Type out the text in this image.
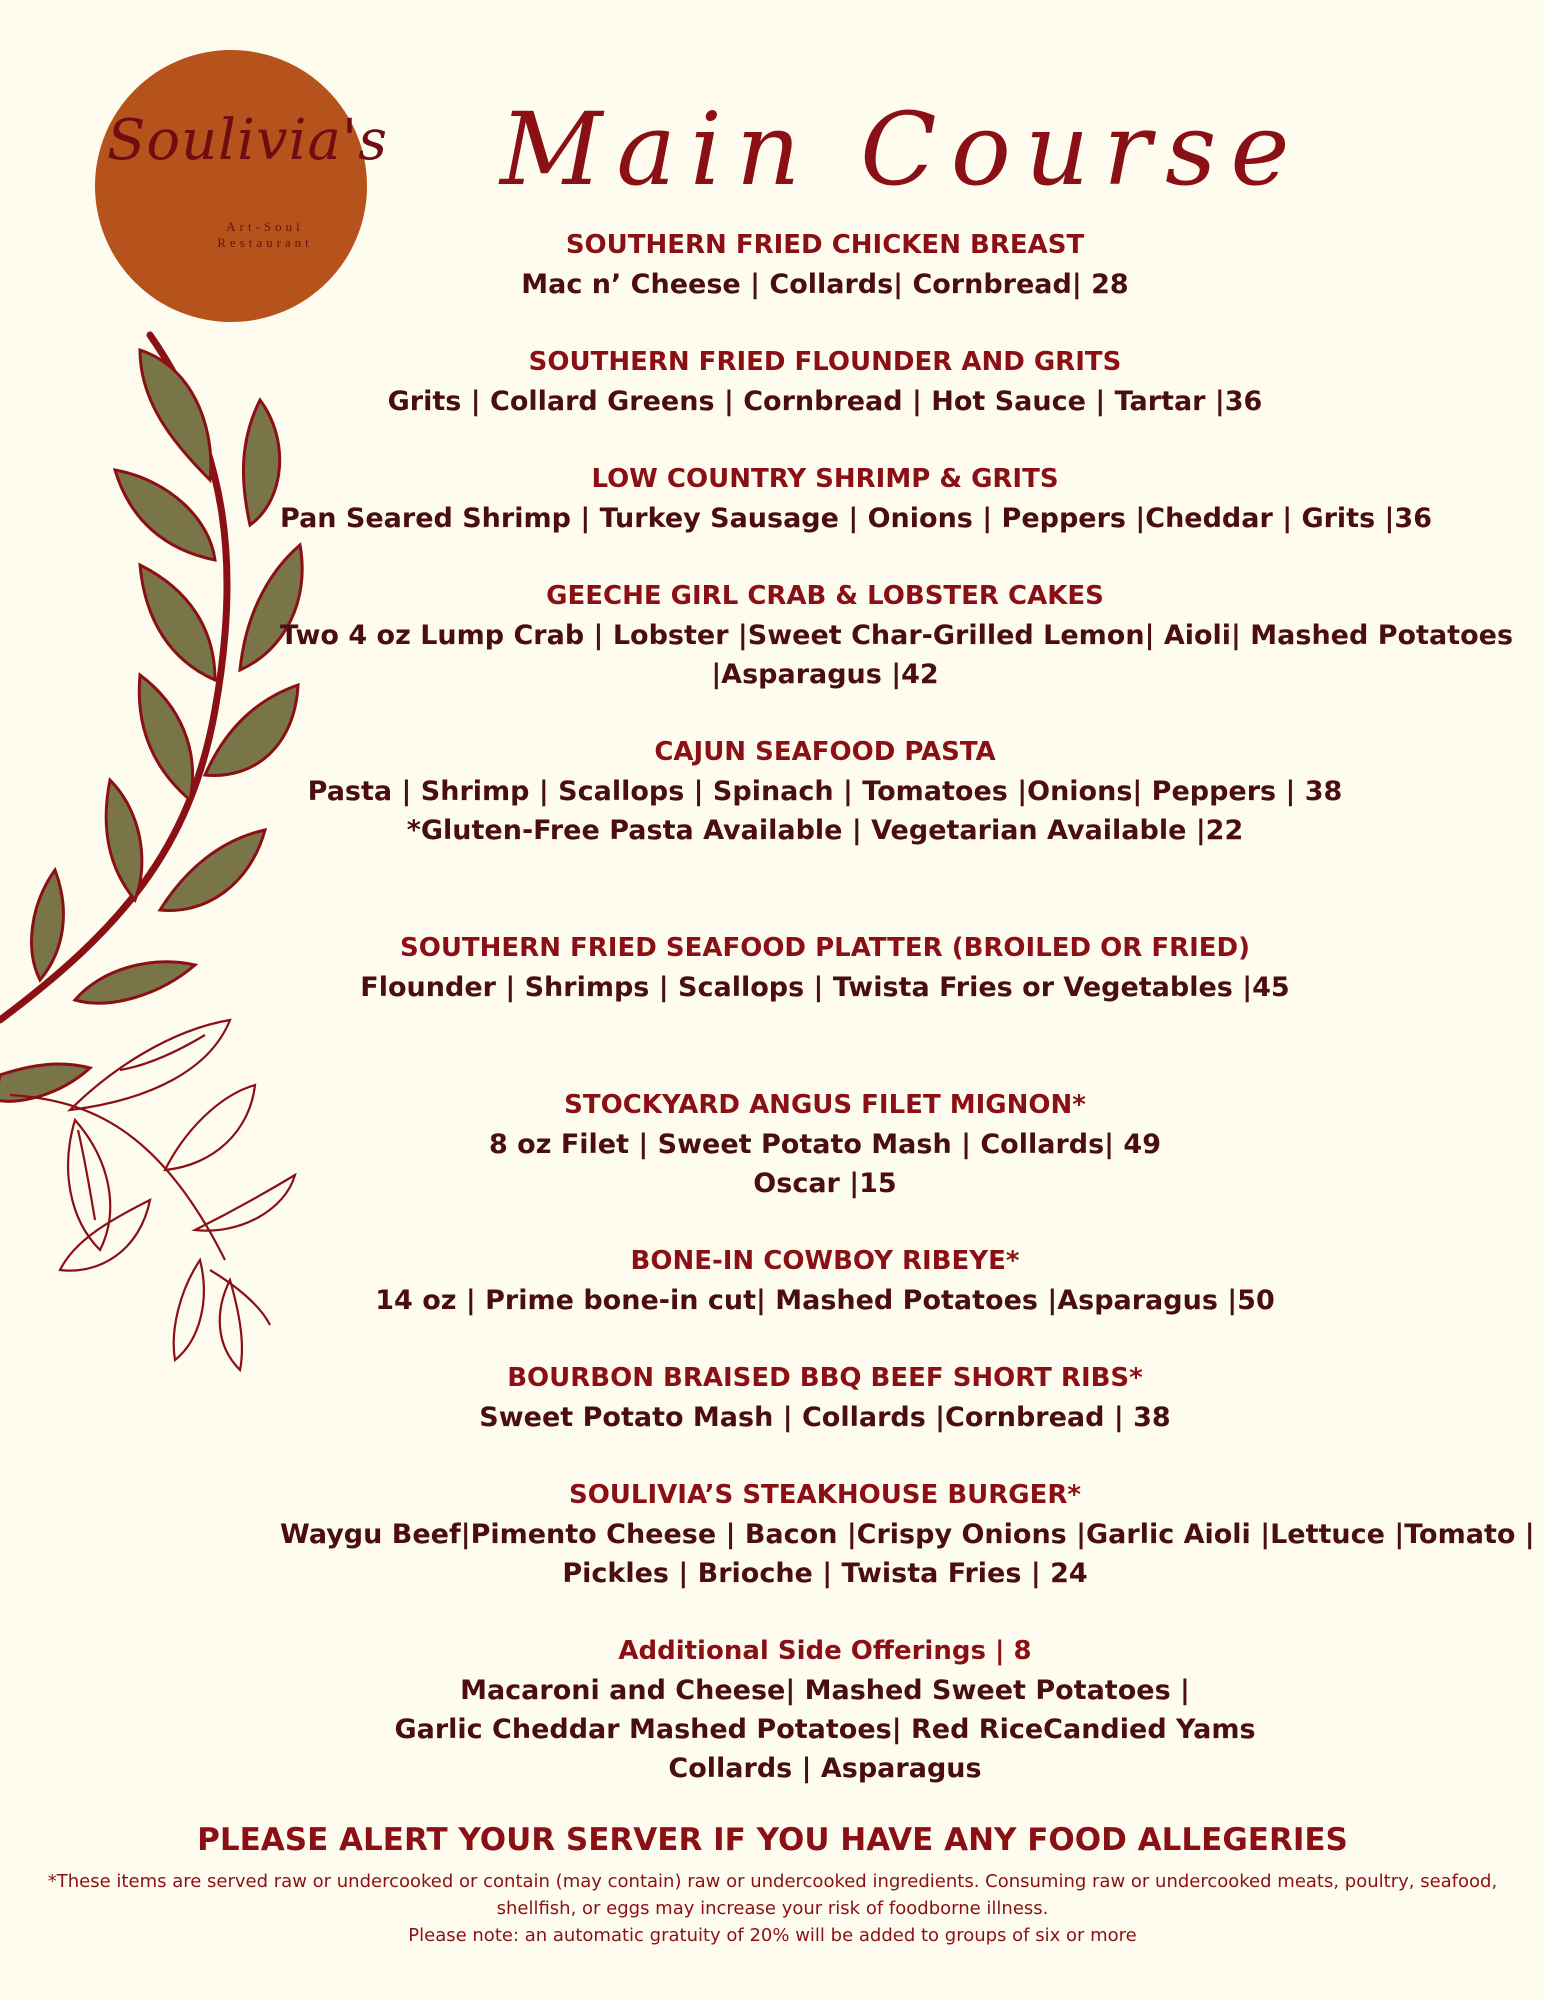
Soulivia's
Art-Soul
Restaurant
Main Course
SOUTHERN FRIED CHICKEN BREAST
Mac n’ Cheese | Collards| Cornbread| 28
SOUTHERN FRIED FLOUNDER AND GRITS
Grits | Collard Greens | Cornbread | Hot Sauce | Tartar |36
LOW COUNTRY SHRIMP & GRITS
Pan Seared Shrimp | Turkey Sausage | Onions | Peppers |Cheddar | Grits |36
GEECHE GIRL CRAB & LOBSTER CAKES
Two 4 oz Lump Crab | Lobster |Sweet Char-Grilled Lemon| Aioli| Mashed Potatoes
|Asparagus |42
CAJUN SEAFOOD PASTA
Pasta | Shrimp | Scallops | Spinach | Tomatoes |Onions| Peppers | 38
*Gluten-Free Pasta Available | Vegetarian Available |22
SOUTHERN FRIED SEAFOOD PLATTER (BROILED OR FRIED)
Flounder | Shrimps | Scallops | Twista Fries or Vegetables |45
STOCKYARD ANGUS FILET MIGNON*
8 oz Filet | Sweet Potato Mash | Collards| 49
Oscar |15
BONE-IN COWBOY RIBEYE*
14 oz | Prime bone-in cut| Mashed Potatoes |Asparagus |50
BOURBON BRAISED BBQ BEEF SHORT RIBS*
Sweet Potato Mash | Collards |Cornbread | 38
SOULIVIA’S STEAKHOUSE BURGER*
Waygu Beef|Pimento Cheese | Bacon |Crispy Onions |Garlic Aioli |Lettuce |Tomato |
Pickles | Brioche | Twista Fries | 24
Additional Side Offerings | 8
Macaroni and Cheese| Mashed Sweet Potatoes |
Garlic Cheddar Mashed Potatoes| Red RiceCandied Yams
Collards | Asparagus
PLEASE ALERT YOUR SERVER IF YOU HAVE ANY FOOD ALLEGERIES
*These items are served raw or undercooked or contain (may contain) raw or undercooked ingredients. Consuming raw or undercooked meats, poultry, seafood,
shellfish, or eggs may increase your risk of foodborne illness.
Please note: an automatic gratuity of 20% will be added to groups of six or more
